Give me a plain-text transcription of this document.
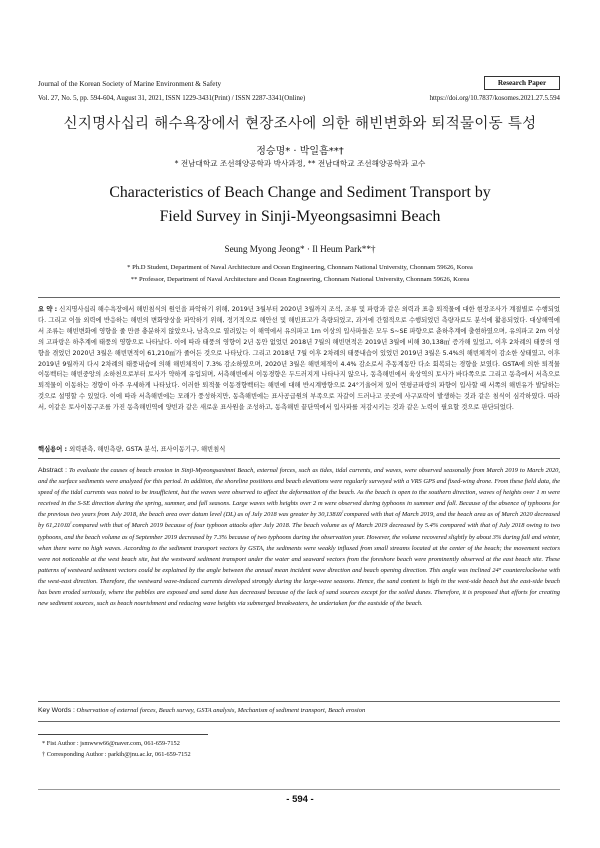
Journal of the Korean Society of Marine Environment & Safety	Research Paper
Vol. 27, No. 5, pp. 594-604, August 31, 2021, ISSN 1229-3431(Print) / ISSN 2287-3341(Online)	https://doi.org/10.7837/kosomes.2021.27.5.594
신지명사십리 해수욕장에서 현장조사에 의한 해빈변화와 퇴적물이동 특성
정승명* · 박일흠**†
* 전남대학교 조선해양공학과 박사과정, ** 전남대학교 조선해양공학과 교수
Characteristics of Beach Change and Sediment Transport by
Field Survey in Sinji-Myeongsasimni Beach
Seung Myong Jeong* · Il Heum Park**†
* Ph.D Student, Department of Naval Architecture and Ocean Engineering, Chonnam National University, Chonnam 59626, Korea
** Professor, Department of Naval Architecture and Ocean Engineering, Chonnam National University, Chonnam 59626, Korea
요 약 : 신지명사십리 해수욕장에서 해빈침식의 원인을 파악하기 위해, 2019년 3월부터 2020년 3월까지 조석, 조류 및 파랑과 같은 외력과 표층 퇴적물에 대한 현장조사가 계절별로 수행되었다. 그리고 이들 외력에 반응하는 해빈의 변화양상을 파악하기 위해, 정기적으로 해안선 및 해빈표고가 측량되었고, 과거에 간헐적으로 수행되었던 측량자료도 분석에 활용되었다. 대상해역에서 조류는 해빈변화에 영향을 줄 만큼 충분하지 않았으나, 남측으로 열려있는 이 해역에서 유의파고 1m 이상의 입사파들은 모두 S~SE 파향으로 춘하추계에 출현하였으며, 유의파고 2m 이상의 고파랑은 하추계에 태풍의 영향으로 나타났다. 이에 따라 태풍의 영향이 2년 동안 없었던 2018년 7월의 해빈면적은 2019년 3월에 비해 30,138㎡ 증가해 있었고, 이후 2차례의 태풍의 영향을 겪었던 2020년 3월은 해빈면적이 61,210㎡가 줄어든 것으로 나타났다. 그리고 2018년 7월 이후 2차례의 태풍내습이 있었던 2019년 3월은 5.4%의 해빈체적이 감소한 상태였고, 이후 2019년 9월까지 다시 2차례의 태풍내습에 의해 해빈체적이 7.3% 감소하였으며, 2020년 3월은 해빈체적이 4.4% 감소로서 추동계동안 다소 회복되는 경향을 보였다. GSTA에 의한 퇴적물 이동벡터는 해빈중앙의 소하천으로부터 토사가 약하게 유입되며, 서측해빈에서 이동경향은 두드러지게 나타나지 않으나, 동측해빈에서 육상역의 토사가 바다쪽으로 그리고 동측에서 서측으로 퇴적물이 이동하는 경향이 아주 우세하게 나타났다. 이러한 퇴적물 이동경향벡터는 해빈에 대해 반시계방향으로 24°기울어져 있어 연평균파랑의 파향이 입사할 때 서쪽의 해빈유가 발달하는 것으로 설명할 수 있었다. 이에 따라 서측해빈에는 모래가 풍성하지만, 동측해빈에는 표사공급원의 부족으로 자갈이 드러나고 곳곳에 사구포락이 발생하는 것과 같은 침식이 심각하였다. 따라서, 이같은 토사이동구조를 가진 동측해빈역에 양빈과 같은 새로운 표사원을 조성하고, 동측해빈 끝단역에서 입사파를 저감시키는 것과 같은 노력이 필요할 것으로 판단되었다.
핵심용어 : 외력관측, 해빈측량, GSTA 분석, 표사이동기구, 해빈침식
Abstract : To evaluate the causes of beach erosion in Sinji-Myeongsasimni Beach, external forces, such as tides, tidal currents, and waves, were observed seasonally from March 2019 to March 2020, and the surface sediments were analyzed for this period. In addition, the shoreline positions and beach elevations were regularly surveyed with a VRS GPS and fixed-wing drone. From these field data, the speed of the tidal currents was noted to be insufficient, but the waves were observed to affect the deformation of the beach. As the beach is open to the southern direction, waves of heights over 1 m were received in the S-SE direction during the spring, summer, and fall seasons. Large waves with heights over 2 m were observed during typhoons in summer and fall. Because of the absence of typhoons for the previous two years from July 2018, the beach area over datum level (DL) as of July 2018 was greater by 30,138㎡ compared with that of March 2019, and the beach area as of March 2020 decreased by 61,210㎡ compared with that of March 2019 because of four typhoon attacks after July 2018. The beach volume as of March 2019 decreased by 5.4% compared with that of July 2018 owing to two typhoons, and the beach volume as of September 2019 decreased by 7.3% because of two typhoons during the observation year. However, the volume recovered slightly by about 3% during fall and winter, when there were no high waves. According to the sediment transport vectors by GSTA, the sediments were weakly influxed from small streams located at the center of the beach; the movement vectors were not noticeable at the west beach site, but the westward sediment transport under the water and seaward vectors from the foreshore beach were prominently observed at the east beach site. These patterns of westward sediment vectors could be explained by the angle between the annual mean incident wave direction and beach opening direction. This angle was inclined 24° counterclockwise with the west-east direction. Therefore, the westward wave-induced currents developed strongly during the large-wave seasons. Hence, the sand content is high in the west-side beach but the east-side beach has been eroded seriously, where the pebbles are exposed and sand dune has decreased because of the lack of sand sources except for the soiled dunes. Therefore, it is proposed that efforts for creating new sediment sources, such as beach nourishment and reducing wave heights via submerged breakwaters, be undertaken for the eastside of the beach.
Key Words : Observation of external forces, Beach survey, GSTA analysis, Mechanism of sediment transport, Beach erosion
* Fist Author : jsmwww66@naver.com, 061-659-7152
† Corresponding Author : parkih@jnu.ac.kr, 061-659-7152
- 594 -
